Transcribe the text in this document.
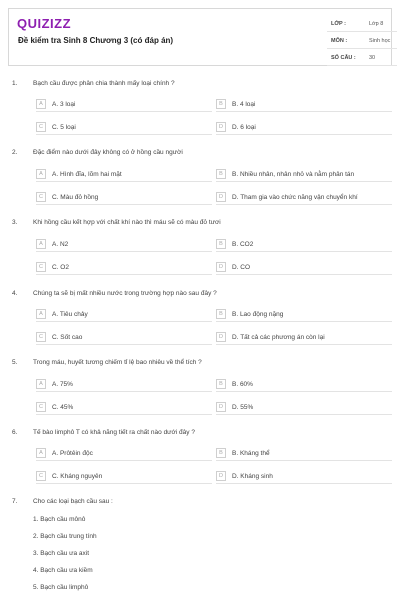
QUIZIZZ
Đề kiểm tra Sinh 8 Chương 3 (có đáp án)
LỚP :	Lớp 8
MÔN :	Sinh học
SỐ CÂU : 30
1. Bạch cầu được phân chia thành mấy loại chính ?
A	A. 3 loại	B	B. 4 loại
C	C. 5 loại	D	D. 6 loại
2. Đặc điểm nào dưới đây không có ở hồng cầu người
A	A. Hình đĩa, lõm hai mặt	B	B. Nhiều nhân, nhân nhỏ và nằm phân tán
C	C. Màu đỏ hồng	D	D. Tham gia vào chức năng vận chuyển khí
3. Khi hồng cầu kết hợp với chất khí nào thì máu sẽ có màu đỏ tươi
A	A. N2	B	B. CO2
C	C. O2	D	D. CO
4. Chúng ta sẽ bị mất nhiều nước trong trường hợp nào sau đây ?
A	A. Tiêu chảy	B	B. Lao động nặng
C	C. Sốt cao	D	D. Tất cả các phương án còn lại
5. Trong máu, huyết tương chiếm tỉ lệ bao nhiêu về thể tích ?
A	A. 75%	B	B. 60%
C	C. 45%	D	D. 55%
6. Tế bào limphô T có khả năng tiết ra chất nào dưới đây ?
A	A. Prôtêin độc	B	B. Kháng thể
C	C. Kháng nguyên	D	D. Kháng sinh
7. Cho các loại bạch cầu sau :
1. Bạch cầu mônô
2. Bạch cầu trung tính
3. Bạch cầu ưa axit
4. Bạch cầu ưa kiềm
5. Bạch cầu limphô
